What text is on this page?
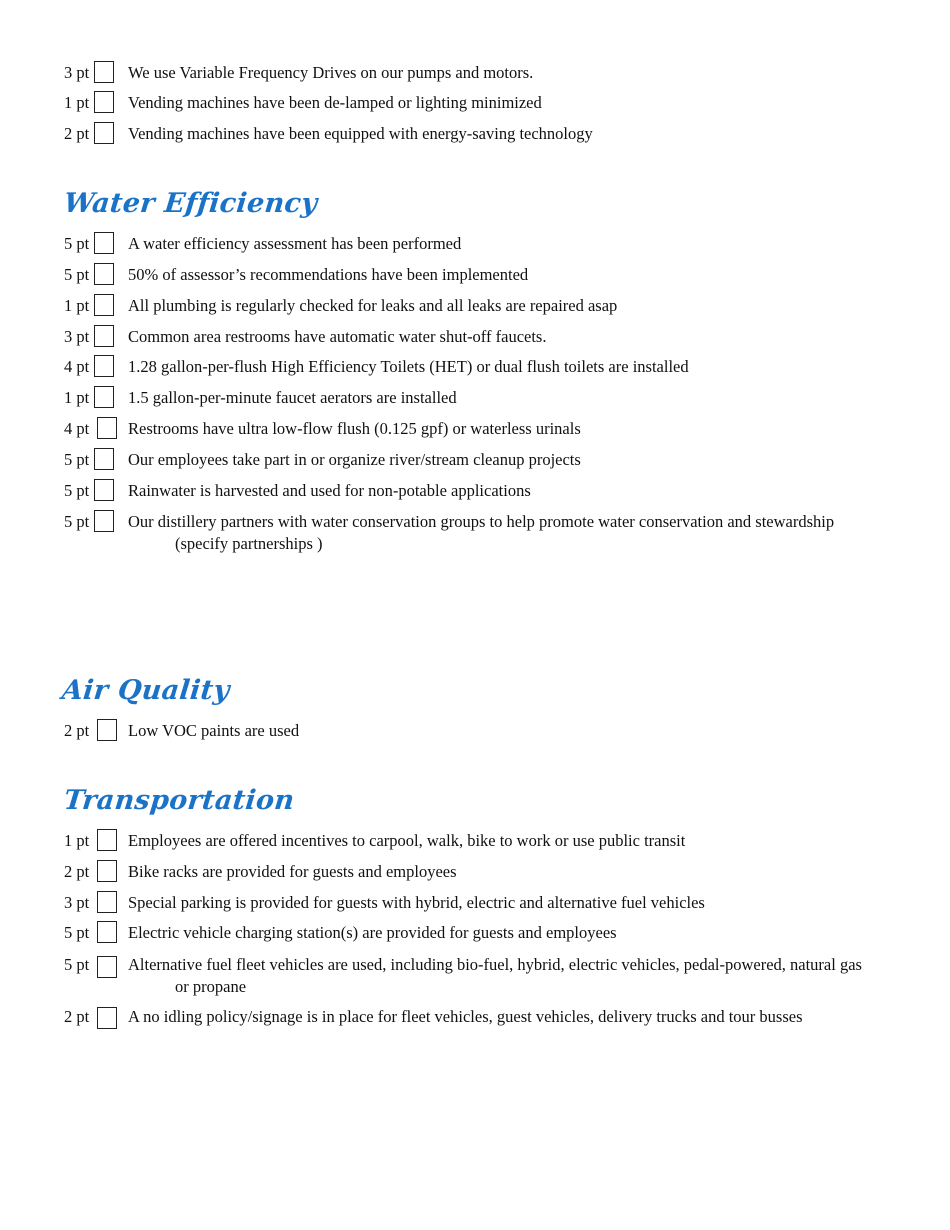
3 pt We use Variable Frequency Drives on our pumps and motors.
1 pt Vending machines have been de-lamped or lighting minimized
2 pt Vending machines have been equipped with energy-saving technology
Water Efficiency
5 pt A water efficiency assessment has been performed
5 pt 50% of assessor’s recommendations have been implemented
1 pt All plumbing is regularly checked for leaks and all leaks are repaired asap
3 pt Common area restrooms have automatic water shut-off faucets.
4 pt 1.28 gallon-per-flush High Efficiency Toilets (HET) or dual flush toilets are installed
1 pt 1.5 gallon-per-minute faucet aerators are installed
4 pt Restrooms have ultra low-flow flush (0.125 gpf) or waterless urinals
5 pt Our employees take part in or organize river/stream cleanup projects
5 pt Rainwater is harvested and used for non-potable applications
5 pt Our distillery partners with water conservation groups to help promote water conservation and stewardship
(specify partnerships )
Air Quality
2 pt Low VOC paints are used
Transportation
1 pt Employees are offered incentives to carpool, walk, bike to work or use public transit
2 pt Bike racks are provided for guests and employees
3 pt Special parking is provided for guests with hybrid, electric and alternative fuel vehicles
5 pt Electric vehicle charging station(s) are provided for guests and employees
5 pt Alternative fuel fleet vehicles are used, including bio-fuel, hybrid, electric vehicles, pedal-powered, natural gas
or propane
2 pt A no idling policy/signage is in place for fleet vehicles, guest vehicles, delivery trucks and tour busses
